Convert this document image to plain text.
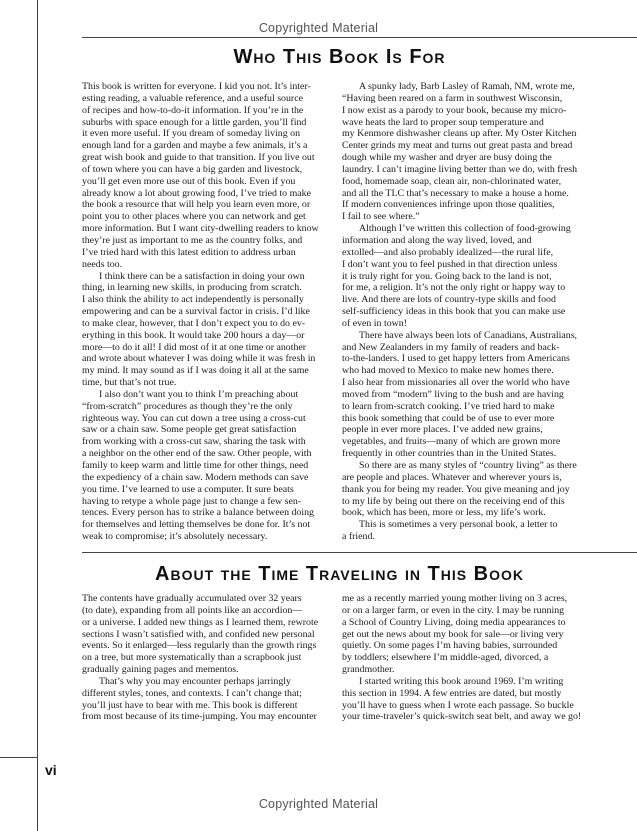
Copyrighted Material
Who This Book Is For
This book is written for everyone. I kid you not. It’s inter-
esting reading, a valuable reference, and a useful source
of recipes and how-to-do-it information. If you’re in the
suburbs with space enough for a little garden, you’ll find
it even more useful. If you dream of someday living on
enough land for a garden and maybe a few animals, it’s a
great wish book and guide to that transition. If you live out
of town where you can have a big garden and livestock,
you’ll get even more use out of this book. Even if you
already know a lot about growing food, I’ve tried to make
the book a resource that will help you learn even more, or
point you to other places where you can network and get
more information. But I want city-dwelling readers to know
they’re just as important to me as the country folks, and
I’ve tried hard with this latest edition to address urban
needs too.
I think there can be a satisfaction in doing your own
thing, in learning new skills, in producing from scratch.
I also think the ability to act independently is personally
empowering and can be a survival factor in crisis. I’d like
to make clear, however, that I don’t expect you to do ev-
erything in this book. It would take 200 hours a day—or
more—to do it all! I did most of it at one time or another
and wrote about whatever I was doing while it was fresh in
my mind. It may sound as if I was doing it all at the same
time, but that’s not true.
I also don’t want you to think I’m preaching about
“from-scratch” procedures as though they’re the only
righteous way. You can cut down a tree using a cross-cut
saw or a chain saw. Some people get great satisfaction
from working with a cross-cut saw, sharing the task with
a neighbor on the other end of the saw. Other people, with
family to keep warm and little time for other things, need
the expediency of a chain saw. Modern methods can save
you time. I’ve learned to use a computer. It sure beats
having to retype a whole page just to change a few sen-
tences. Every person has to strike a balance between doing
for themselves and letting themselves be done for. It’s not
weak to compromise; it’s absolutely necessary.
A spunky lady, Barb Lasley of Ramah, NM, wrote me,
“Having been reared on a farm in southwest Wisconsin,
I now exist as a parody to your book, because my micro-
wave heats the lard to proper soup temperature and
my Kenmore dishwasher cleans up after. My Oster Kitchen
Center grinds my meat and turns out great pasta and bread
dough while my washer and dryer are busy doing the
laundry. I can’t imagine living better than we do, with fresh
food, homemade soap, clean air, non-chlorinated water,
and all the TLC that’s necessary to make a house a home.
If modern conveniences infringe upon those qualities,
I fail to see where.”
Although I’ve written this collection of food-growing
information and along the way lived, loved, and
extolled—and also probably idealized—the rural life,
I don’t want you to feel pushed in that direction unless
it is truly right for you. Going back to the land is not,
for me, a religion. It’s not the only right or happy way to
live. And there are lots of country-type skills and food
self-sufficiency ideas in this book that you can make use
of even in town!
There have always been lots of Canadians, Australians,
and New Zealanders in my family of readers and back-
to-the-landers. I used to get happy letters from Americans
who had moved to Mexico to make new homes there.
I also hear from missionaries all over the world who have
moved from “modern” living to the bush and are having
to learn from-scratch cooking. I’ve tried hard to make
this book something that could be of use to ever more
people in ever more places. I’ve added new grains,
vegetables, and fruits—many of which are grown more
frequently in other countries than in the United States.
So there are as many styles of “country living” as there
are people and places. Whatever and wherever yours is,
thank you for being my reader. You give meaning and joy
to my life by being out there on the receiving end of this
book, which has been, more or less, my life’s work.
This is sometimes a very personal book, a letter to
a friend.
About the Time Traveling in This Book
The contents have gradually accumulated over 32 years
(to date), expanding from all points like an accordion—
or a universe. I added new things as I learned them, rewrote
sections I wasn’t satisfied with, and confided new personal
events. So it enlarged—less regularly than the growth rings
on a tree, but more systematically than a scrapbook just
gradually gaining pages and mementos.
That’s why you may encounter perhaps jarringly
different styles, tones, and contexts. I can’t change that;
you’ll just have to bear with me. This book is different
from most because of its time-jumping. You may encounter
me as a recently married young mother living on 3 acres,
or on a larger farm, or even in the city. I may be running
a School of Country Living, doing media appearances to
get out the news about my book for sale—or living very
quietly. On some pages I’m having babies, surrounded
by toddlers; elsewhere I’m middle-aged, divorced, a
grandmother.
I started writing this book around 1969. I’m writing
this section in 1994. A few entries are dated, but mostly
you’ll have to guess when I wrote each passage. So buckle
your time-traveler’s quick-switch seat belt, and away we go!
vi
Copyrighted Material
